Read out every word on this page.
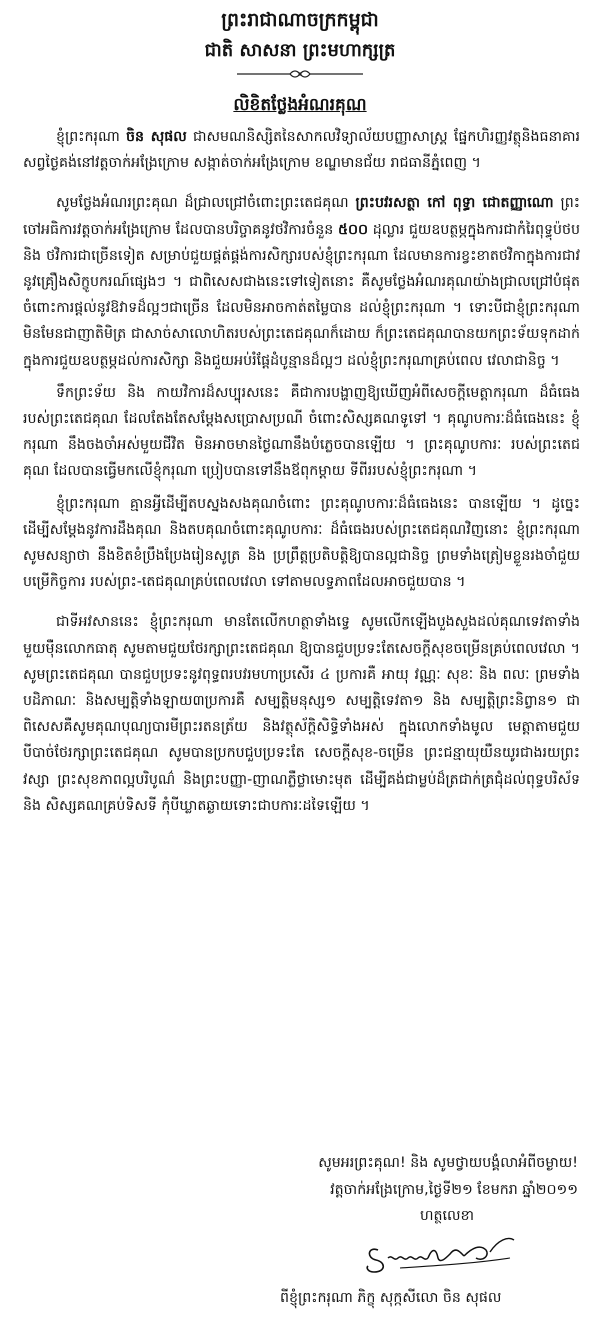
ព្រះរាជាណាចក្រកម្ពុជា
ជាតិ សាសនា ព្រះមហាក្សត្រ
លិខិតថ្លែងអំណរគុណ

ខ្ញុំព្រះករុណា ចិន សុផល ជាសមណនិស្សិតនៃសាកលវិទ្យាល័យបញ្ញាសាស្ត្រ ផ្នែកហិរញ្ញវត្ថុនិងធនាគារ សព្វថ្ងៃគង់នៅវត្តចាក់អង្រែក្រោម សង្កាត់ចាក់អង្រែក្រោម ខណ្ឌមានជ័យ រាជធានីភ្នំពេញ ។

សូមថ្លែងអំណរព្រះគុណ ដ៏ជ្រាលជ្រៅចំពោះព្រះតេជគុណ ព្រះបវរសត្ថា កៅ ពុទ្ធា ជោតញ្ញាណោ ព្រះចៅអធិការវត្តចាក់អង្រែក្រោម ដែលបានបរិច្ចាគនូវថវិការចំនួន ៥០០ ដុល្លារ ជួយឧបត្ថម្ភក្នុងការជាកំរៃពុទ្ធុប៉ថប និង ថវិការជាច្រើនទៀត សម្រាប់ជួយផ្គត់ផ្គង់ការសិក្សារបស់ខ្ញុំព្រះករុណា ដែលមានការខ្វះខាតថវិកាក្នុងការជាវនូវគ្រឿងសិក្ខូបករណ៍ផ្សេងៗ ។ ជាពិសេសជាងនេះទៅទៀតនោះ គឺសូមថ្លែងអំណរគុណយ៉ាងជ្រាលជ្រៅបំផុត ចំពោះការផ្តល់នូវឱវាទដ៏ល្អៗជាច្រើន ដែលមិនអាចកាត់តម្លៃបាន ដល់ខ្ញុំព្រះករុណា ។ ទោះបីជាខ្ញុំព្រះករុណា មិនមែនជាញាតិមិត្រ ជាសាច់សាលោហិតរបស់ព្រះតេជគុណក៏ដោយ ក៏ព្រះតេជគុណបានយកព្រះទ័យទុកដាក់ក្នុងការជួយឧបត្ថម្ភដល់ការសិក្សា និងជួយអប់រំផ្តែដំបូន្មានដ៏ល្អៗ ដល់ខ្ញុំព្រះករុណាគ្រប់ពេល វេលាជានិច្ច ។

ទឹកព្រះទ័យ និង កាយវិការដ៏សប្បុរសនេះ គឺជាការបង្ហាញឱ្យឃើញអំពីសេចក្តីមេត្តាករុណា ដ៏ធំធេងរបស់ព្រះតេជគុណ ដែលតែងតែសម្តែងសប្រោសប្រណី ចំពោះសិស្សគណទូទៅ ។ គុណូបការៈដ៏ធំធេងនេះ ខ្ញុំករុណា នឹងចងចាំអស់មួយជីវិត មិនអាចមានថ្ងៃណានឹងបំភ្លេចបានឡើយ ។ ព្រះគុណូបការៈ របស់ព្រះតេជគុណ ដែលបានធ្វើមកលើខ្ញុំករុណា ប្រៀបបានទៅនឹងឪពុកម្តាយ ទីពីររបស់ខ្ញុំព្រះករុណា ។

ខ្ញុំព្រះករុណា គ្មានអ្វីដើម្បីតបស្នងសងគុណចំពោះ ព្រះគុណូបការៈដ៏ធំធេងនេះ បានឡើយ ។ ដូច្នេះ ដើម្បីសម្តែងនូវការដឹងគុណ និងតបគុណចំពោះគុណូបការៈ ដ៏ធំធេងរបស់ព្រះតេជគុណវិញនោះ ខ្ញុំព្រះករុណា សូមសន្យាថា នឹងខិតខំប្រឹងប្រែងរៀនសូត្រ និង ប្រព្រឹត្តប្រតិបត្តិឱ្យបានល្អជានិច្ច ព្រមទាំងត្រៀមខ្លួនរងចាំជួយបម្រើកិច្ចការ របស់ព្រះ-តេជគុណគ្រប់ពេលវេលា ទៅតាមលទ្ធភាពដែលអាចជួយបាន ។

ជាទីអវសាននេះ ខ្ញុំព្រះករុណា មានតែលើកហត្ថាទាំងទ្វេ សូមលើកឡើងបួងសួងដល់គុណទេវតាទាំងមួយម៉ឺនលោកធាតុ សូមតាមជួយថែរក្សាព្រះតេជគុណ ឱ្យបានជួបប្រទះតែសេចក្តីសុខចម្រើនគ្រប់ពេលវេលា ។ សូមព្រះតេជគុណ បានជួបប្រទះនូវពុទ្ធពរបវរមហាប្រសើរ ៤ ប្រការគឺ អាយុ វណ្ណៈ សុខៈ និង ពលៈ ព្រមទាំងបដិភាណៈ និងសម្បត្តិទាំងឡាយ៣ប្រការគឺ សម្បត្តិមនុស្ស១ សម្បត្តិទេវតា១ និង សម្បត្តិព្រះនិព្វាន១ ជាពិសេសគឺសូមគុណបុណ្យបារមីព្រះរតនត្រ័យ និងវត្ថុស័ក្តិសិទ្ធិទាំងអស់ ក្នុងលោកទាំងមូល មេត្តាតាមជួយបីបាច់ថែរក្សាព្រះតេជគុណ សូមបានប្រកបជួបប្រទះតែ សេចក្តីសុខ-ចម្រើន ព្រះជន្មាយុយឺនយូរជាងរយព្រះវស្សា ព្រះសុខភាពល្អបរិបូណ៌ និងព្រះបញ្ញា-ញាណភ្លឺថ្លាមោះមុត ដើម្បីគង់ជាម្លប់ដ៏ត្រជាក់ត្រជុំដល់ពុទ្ធបរិស័ទ និង សិស្សគណគ្រប់ទិសទី កុំបីឃ្លាតឆ្ងាយទោះជាបការៈដទៃឡើយ ។

សូមអរព្រះគុណ! និង សូមថ្វាយបង្គំលាអំពីចម្ងាយ!
វត្តចាក់អង្រែក្រោម,ថ្ងៃទី២១ ខែមករា ឆ្នាំ២០១១
ហត្ថលេខា
ពីខ្ញុំព្រះករុណា ភិក្ខុ សុក្កសីលោ ចិន សុផល
